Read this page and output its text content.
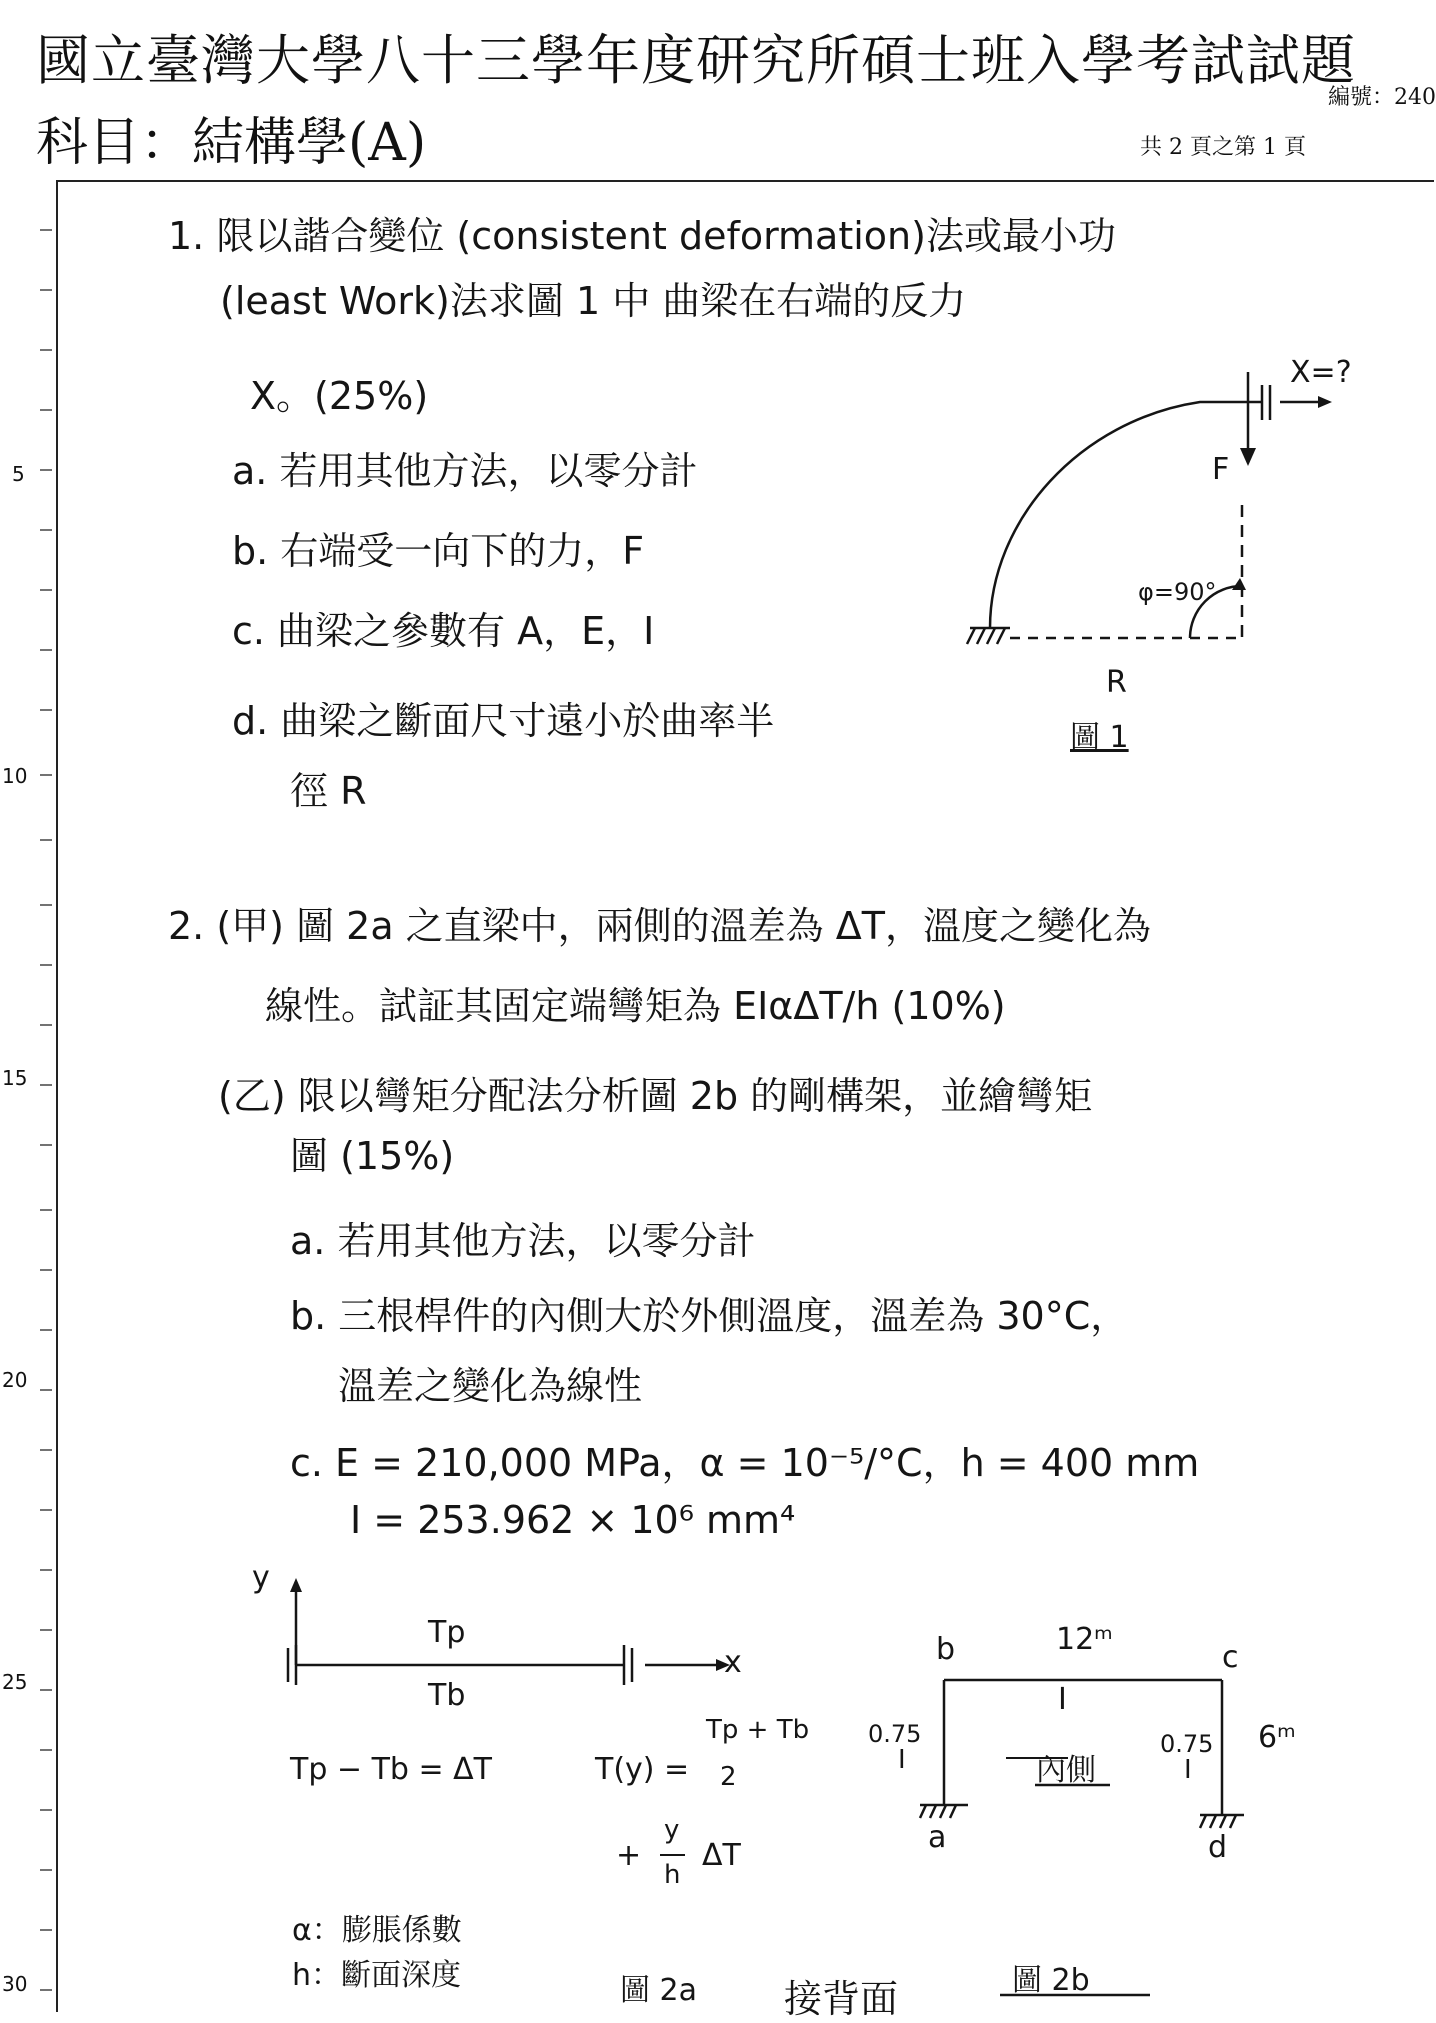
國立臺灣大學八十三學年度研究所碩士班入學考試試題
科目：結構學(A)
編號：240
共 2 頁之第 1 頁
5
10
15
20
25
30
1. 限以諧合變位 (consistent deformation)法或最小功
(least Work)法求圖 1 中 曲梁在右端的反力
X。(25%)
a. 若用其他方法，以零分計
b. 右端受一向下的力，F
c. 曲梁之參數有 A，E，I
d. 曲梁之斷面尺寸遠小於曲率半
徑 R
X=?
F
φ=90°
R
圖 1
2. (甲) 圖 2a 之直梁中，兩側的溫差為 ΔT，溫度之變化為
線性。試証其固定端彎矩為 EIαΔT/h (10%)
(乙) 限以彎矩分配法分析圖 2b 的剛構架，並繪彎矩
圖 (15%)
a. 若用其他方法，以零分計
b. 三根桿件的內側大於外側溫度，溫差為 30°C，
溫差之變化為線性
c. E = 210,000 MPa，α = 10⁻⁵/°C，h = 400 mm
I = 253.962 × 10⁶ mm⁴
y
x
Tp
Tb
Tp − Tb = ΔT	T(y) =
Tp + Tb
2
+
y
h
ΔT
α：膨脹係數
h：斷面深度	圖 2a
b	c
a	d
12ᵐ
I
0.75
I
0.75
I
6ᵐ
內側
圖 2b
接背面
